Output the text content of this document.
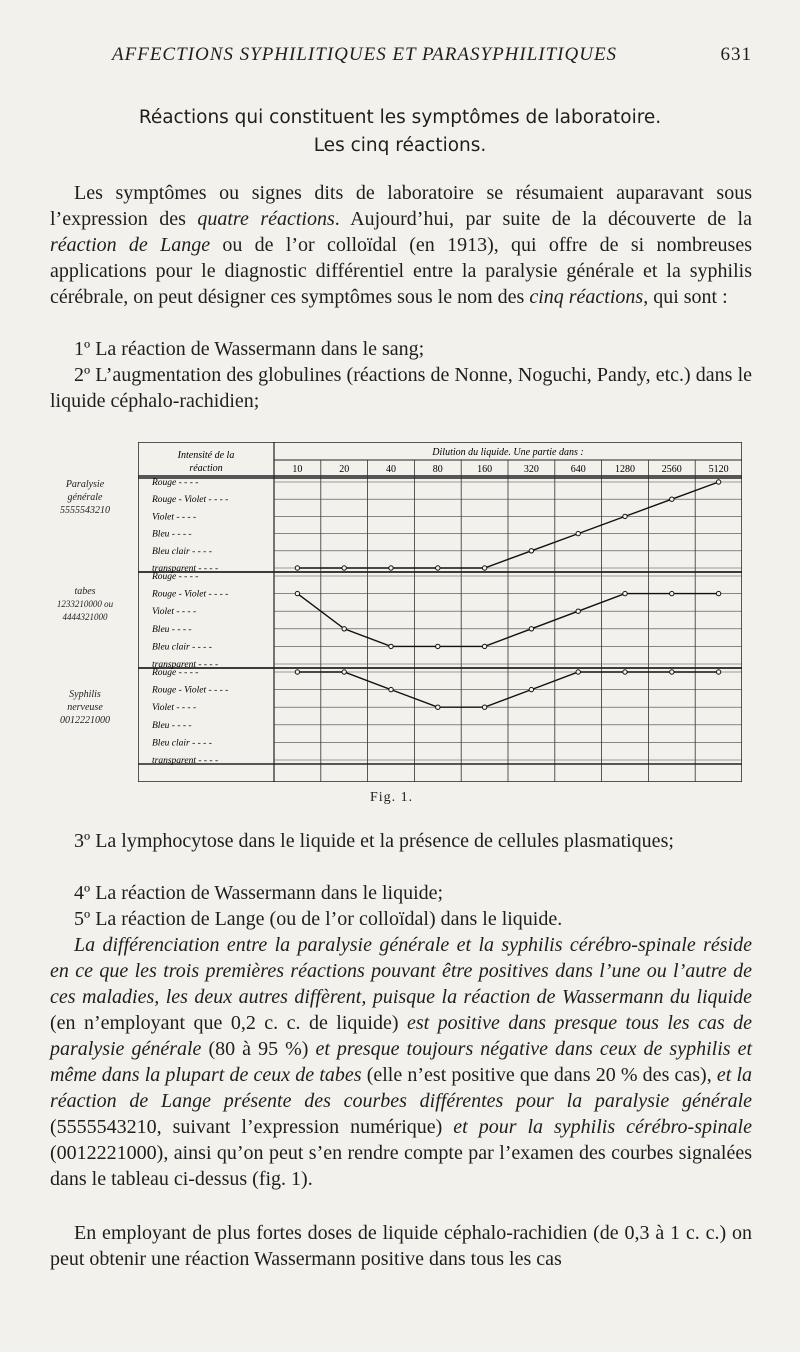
AFFECTIONS SYPHILITIQUES ET PARASYPHILITIQUES	631
Réactions qui constituent les symptômes de laboratoire.
Les cinq réactions.

Les symptômes ou signes dits de laboratoire se résumaient auparavant sous l’expression des quatre réactions. Aujourd’hui, par suite de la découverte de la réaction de Lange ou de l’or colloïdal (en 1913), qui offre de si nombreuses applications pour le diagnostic différentiel entre la paralysie générale et la syphilis cérébrale, on peut désigner ces symptômes sous le nom des cinq réactions, qui sont :

1º La réaction de Wassermann dans le sang;

2º L’augmentation des globulines (réactions de Nonne, Noguchi, Pandy, etc.) dans le liquide céphalo-rachidien;

Paralysie
générale
5555543210
tabes
1233210000 ou 4444321000
Syphilis
nerveuse
0012221000
Intensité de la
réaction
Dilution du liquide. Une partie dans :
10	20	40	80	160	320	640	1280	2560	5120
Rouge - - - -
Rouge - Violet - - - -
Violet - - - -
Bleu - - - -
Bleu clair - - - -
transparent - - - -
Rouge - - - -
Rouge - Violet - - - -
Violet - - - -
Bleu - - - -
Bleu clair - - - -
transparent - - - -
Rouge - - - -
Rouge - Violet - - - -
Violet - - - -
Bleu - - - -
Bleu clair - - - -
transparent - - - -
Fig. 1.

3º La lymphocytose dans le liquide et la présence de cellules plasmatiques;

4º La réaction de Wassermann dans le liquide;

5º La réaction de Lange (ou de l’or colloïdal) dans le liquide.

La différenciation entre la paralysie générale et la syphilis cérébro-spinale réside en ce que les trois premières réactions pouvant être positives dans l’une ou l’autre de ces maladies, les deux autres diffèrent, puisque la réaction de Wassermann du liquide (en n’employant que 0,2 c. c. de liquide) est positive dans presque tous les cas de paralysie générale (80 à 95 %) et presque toujours négative dans ceux de syphilis et même dans la plupart de ceux de tabes (elle n’est positive que dans 20 % des cas), et la réaction de Lange présente des courbes différentes pour la paralysie générale (5555543210, suivant l’expression numérique) et pour la syphilis cérébro-spinale (0012221000), ainsi qu’on peut s’en rendre compte par l’examen des courbes signalées dans le tableau ci-dessus (fig. 1).

En employant de plus fortes doses de liquide céphalo-rachidien (de 0,3 à 1 c. c.) on peut obtenir une réaction Wassermann positive dans tous les cas
